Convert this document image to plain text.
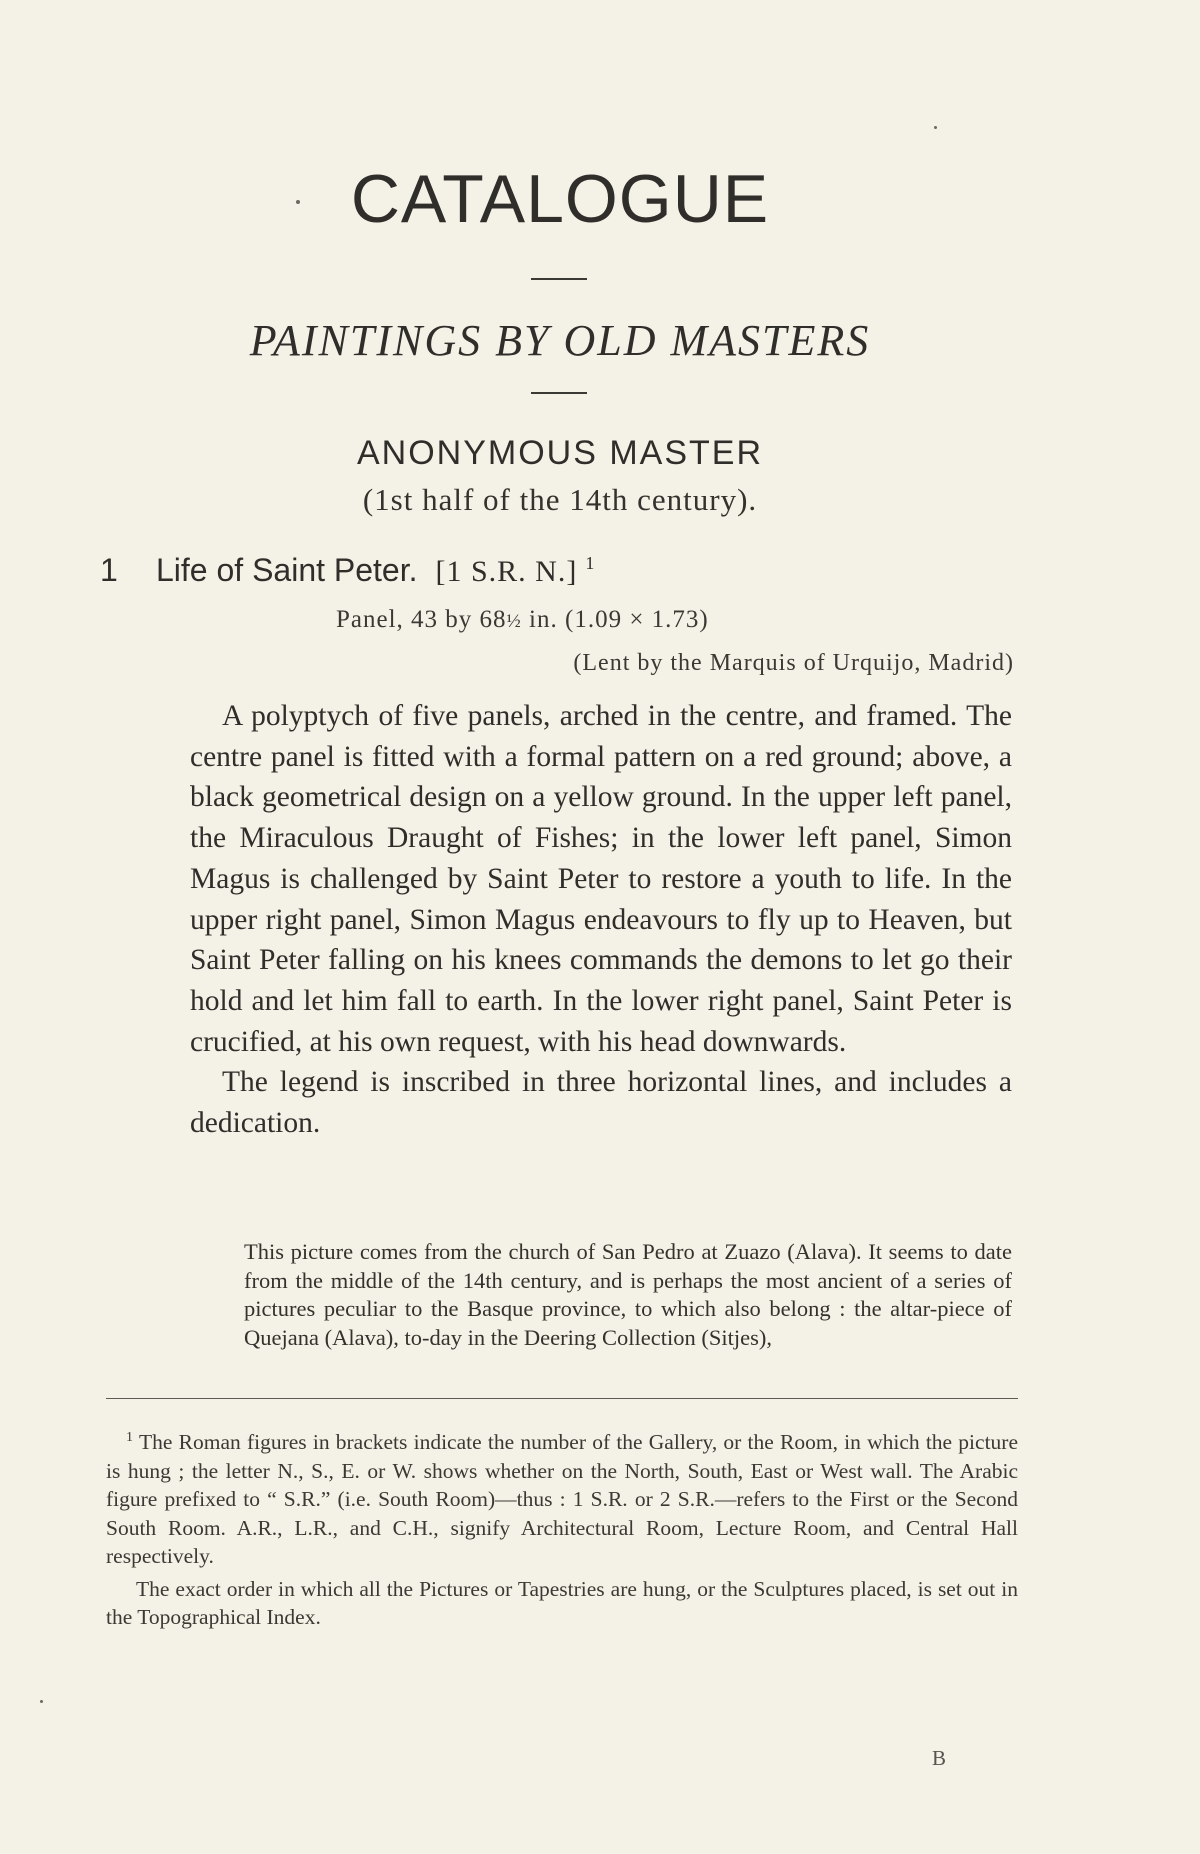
CATALOGUE
PAINTINGS BY OLD MASTERS
ANONYMOUS MASTER
(1st half of the 14th century).
1 Life of Saint Peter. [1 S.R. N.] $^1$
Panel, 43 by 68½ in. (1.09 × 1.73)
(Lent by the Marquis of Urquijo, Madrid)

A polyptych of five panels, arched in the centre, and framed. The centre panel is fitted with a formal pattern on a red ground; above, a black geometrical design on a yellow ground. In the upper left panel, the Miraculous Draught of Fishes; in the lower left panel, Simon Magus is challenged by Saint Peter to restore a youth to life. In the upper right panel, Simon Magus endeavours to fly up to Heaven, but Saint Peter falling on his knees commands the demons to let go their hold and let him fall to earth. In the lower right panel, Saint Peter is crucified, at his own request, with his head downwards.

The legend is inscribed in three horizontal lines, and includes a dedication.

This picture comes from the church of San Pedro at Zuazo (Alava). It seems to date from the middle of the 14th century, and is perhaps the most ancient of a series of pictures peculiar to the Basque province, to which also belong : the altar-piece of Quejana (Alava), to-day in the Deering Collection (Sitjes),

$^1$ The Roman figures in brackets indicate the number of the Gallery, or the Room, in which the picture is hung ; the letter N., S., E. or W. shows whether on the North, South, East or West wall. The Arabic figure prefixed to “ S.R.” (i.e. South Room)—thus : 1 S.R. or 2 S.R.—refers to the First or the Second South Room. A.R., L.R., and C.H., signify Architectural Room, Lecture Room, and Central Hall respectively.

The exact order in which all the Pictures or Tapestries are hung, or the Sculptures placed, is set out in the Topographical Index.

B
